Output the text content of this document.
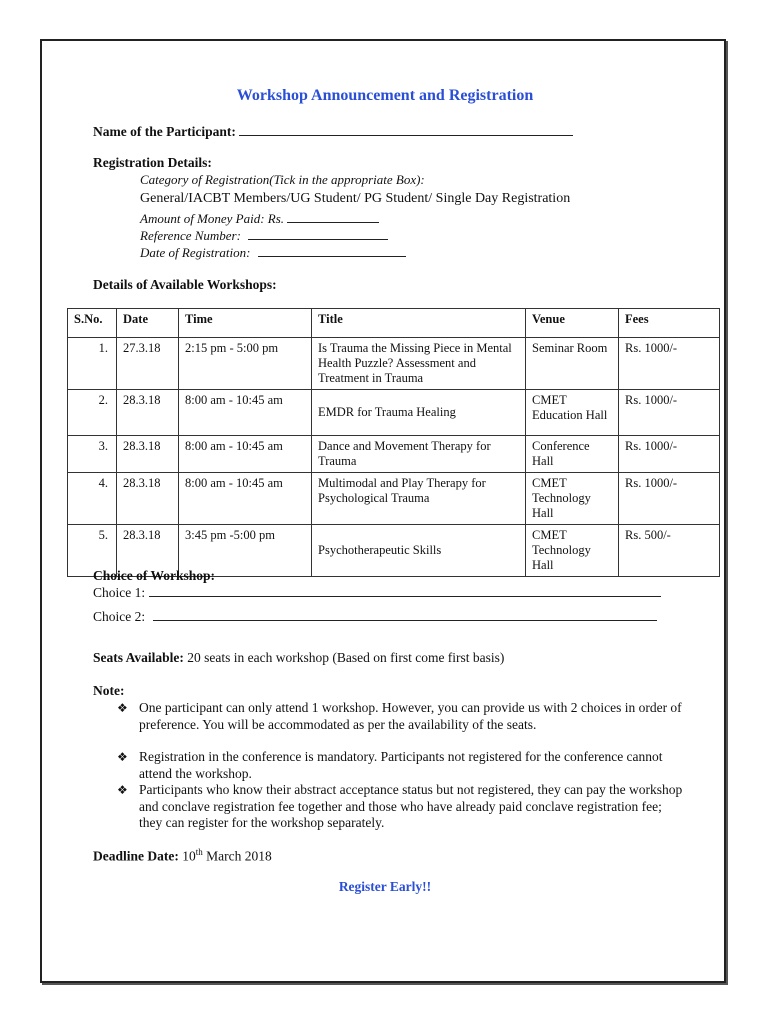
Workshop Announcement and Registration
Name of the Participant:
Registration Details:
Category of Registration(Tick in the appropriate Box):
General/IACBT Members/UG Student/ PG Student/ Single Day Registration
Amount of Money Paid: Rs.
Reference Number:
Date of Registration:
Details of Available Workshops:
S.No.	Date	Time	Title	Venue	Fees
1.	27.3.18	2:15 pm - 5:00 pm	Is Trauma the Missing Piece in Mental Health Puzzle? Assessment and Treatment in Trauma	Seminar Room	Rs. 1000/-
2.	28.3.18	8:00 am - 10:45 am	EMDR for Trauma Healing	CMET Education Hall	Rs. 1000/-
3.	28.3.18	8:00 am - 10:45 am	Dance and Movement Therapy for Trauma	Conference Hall	Rs. 1000/-
4.	28.3.18	8:00 am - 10:45 am	Multimodal and Play Therapy for Psychological Trauma	CMET Technology Hall	Rs. 1000/-
5.	28.3.18	3:45 pm -5:00 pm	Psychotherapeutic Skills	CMET Technology Hall	Rs. 500/-
Choice of Workshop:
Choice 1:
Choice 2:
Seats Available: 20 seats in each workshop (Based on first come first basis)
Note:
❖ One participant can only attend 1 workshop. However, you can provide us with 2 choices in order of preference. You will be accommodated as per the availability of the seats.
❖ Registration in the conference is mandatory. Participants not registered for the conference cannot attend the workshop.
❖ Participants who know their abstract acceptance status but not registered, they can pay the workshop and conclave registration fee together and those who have already paid conclave registration fee; they can register for the workshop separately.
Deadline Date: 10th March 2018
Register Early!!
